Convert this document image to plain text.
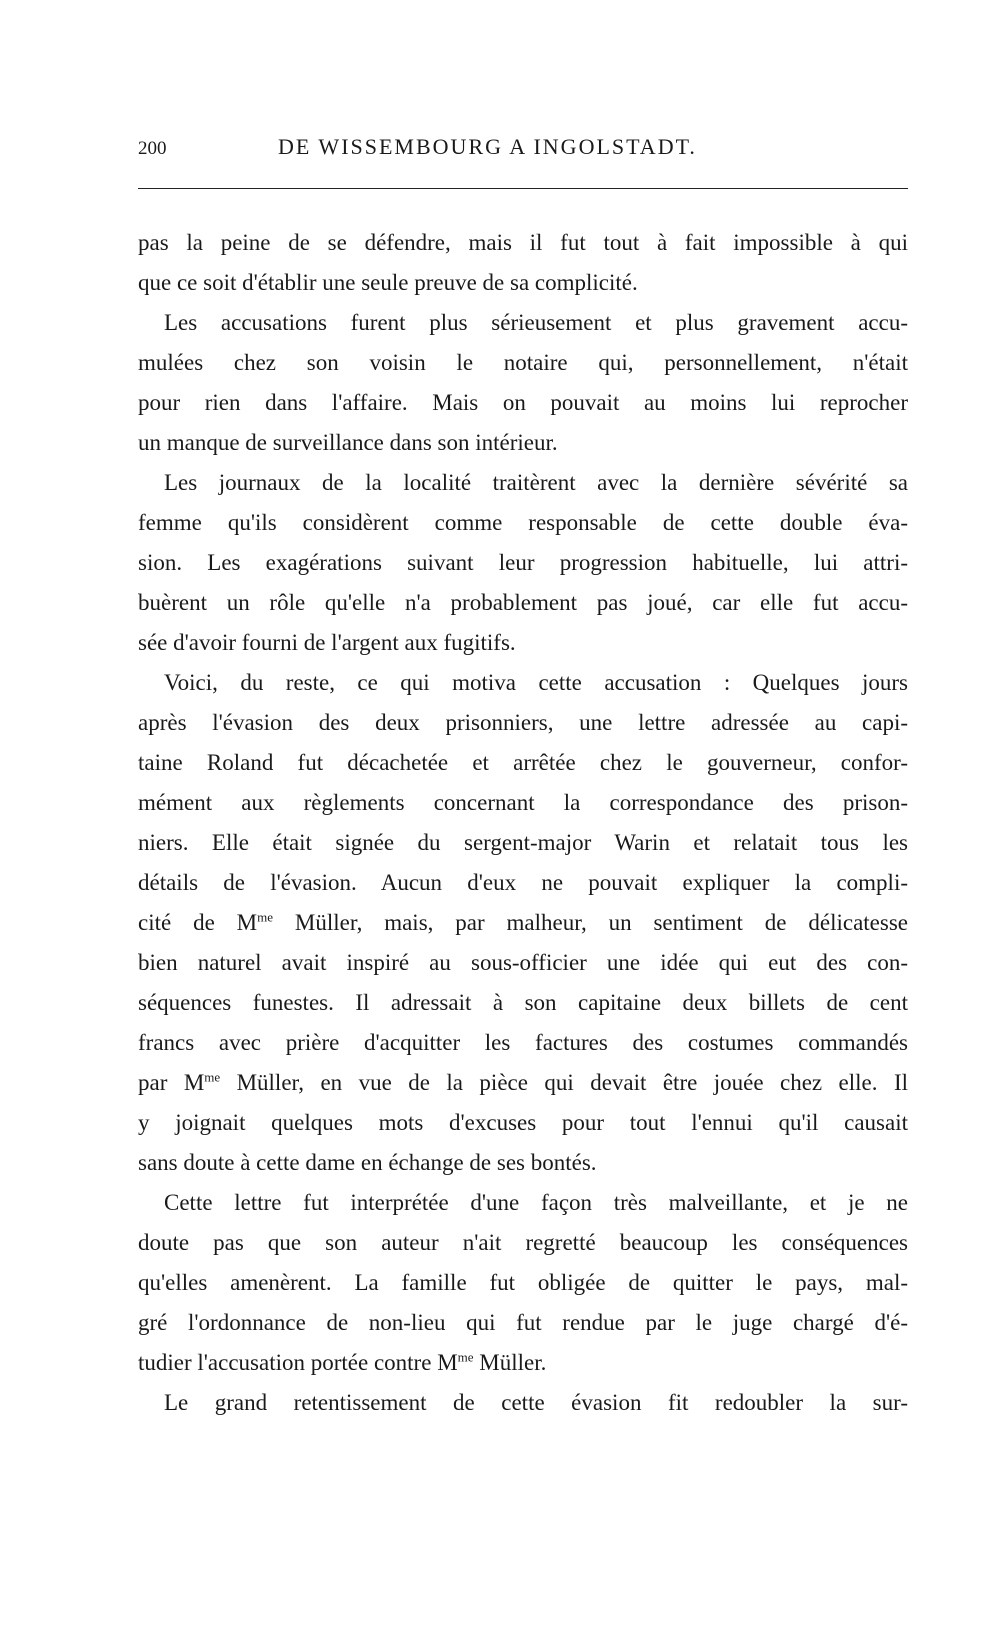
200	DE WISSEMBOURG A INGOLSTADT.
pas la peine de se défendre, mais il fut tout à fait impossible à qui
que ce soit d'établir une seule preuve de sa complicité.
Les accusations furent plus sérieusement et plus gravement accu-
mulées chez son voisin le notaire qui, personnellement, n'était
pour rien dans l'affaire. Mais on pouvait au moins lui reprocher
un manque de surveillance dans son intérieur.
Les journaux de la localité traitèrent avec la dernière sévérité sa
femme qu'ils considèrent comme responsable de cette double éva-
sion. Les exagérations suivant leur progression habituelle, lui attri-
buèrent un rôle qu'elle n'a probablement pas joué, car elle fut accu-
sée d'avoir fourni de l'argent aux fugitifs.
Voici, du reste, ce qui motiva cette accusation : Quelques jours
après l'évasion des deux prisonniers, une lettre adressée au capi-
taine Roland fut décachetée et arrêtée chez le gouverneur, confor-
mément aux règlements concernant la correspondance des prison-
niers. Elle était signée du sergent-major Warin et relatait tous les
détails de l'évasion. Aucun d'eux ne pouvait expliquer la compli-
cité de $M^{me}$ Müller, mais, par malheur, un sentiment de délicatesse
bien naturel avait inspiré au sous-officier une idée qui eut des con-
séquences funestes. Il adressait à son capitaine deux billets de cent
francs avec prière d'acquitter les factures des costumes commandés
par $M^{me}$ Müller, en vue de la pièce qui devait être jouée chez elle. Il
y joignait quelques mots d'excuses pour tout l'ennui qu'il causait
sans doute à cette dame en échange de ses bontés.
Cette lettre fut interprétée d'une façon très malveillante, et je ne
doute pas que son auteur n'ait regretté beaucoup les conséquences
qu'elles amenèrent. La famille fut obligée de quitter le pays, mal-
gré l'ordonnance de non-lieu qui fut rendue par le juge chargé d'é-
tudier l'accusation portée contre $M^{me}$ Müller.
Le grand retentissement de cette évasion fit redoubler la sur-
